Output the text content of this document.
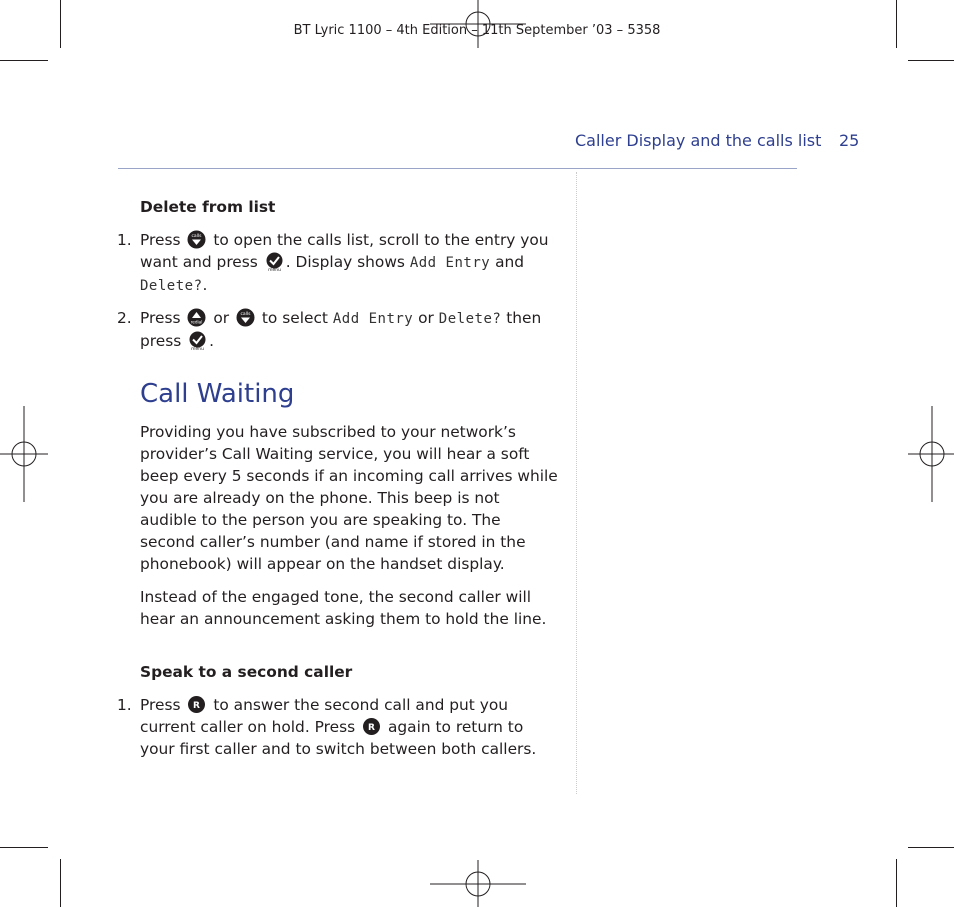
BT Lyric 1100 – 4th Edition – 11th September ’03 – 5358
Caller Display and the calls list 25
Delete from list
1. Press	calls to open the calls list, scroll to the entry you want and press menu . Display shows Add Entry and Delete?.
2. Press	redial or	calls to select Add Entry or Delete? then press menu .
Call Waiting

Providing you have subscribed to your network’s provider’s Call Waiting service, you will hear a soft beep every 5 seconds if an incoming call arrives while you are already on the phone. This beep is not audible to the person you are speaking to. The second caller’s number (and name if stored in the phonebook) will appear on the handset display.

Instead of the engaged tone, the second caller will hear an announcement asking them to hold the line.

Speak to a second caller
1. Press R to answer the second call and put you current caller on hold. Press R again to return to your first caller and to switch between both callers.
